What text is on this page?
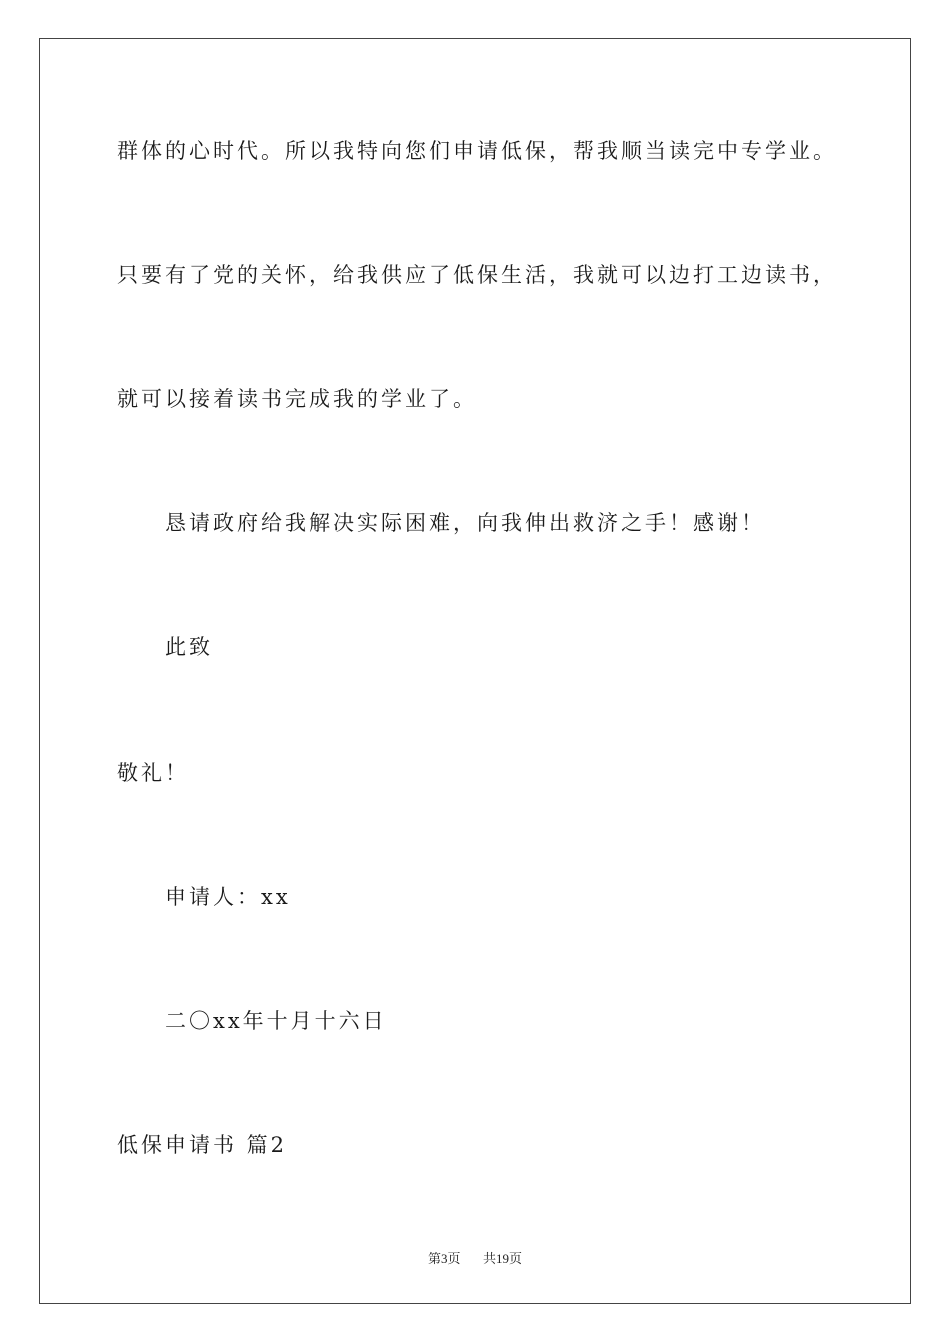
群体的心时代。所以我特向您们申请低保，帮我顺当读完中专学业。
只要有了党的关怀，给我供应了低保生活，我就可以边打工边读书，
就可以接着读书完成我的学业了。
恳请政府给我解决实际困难，向我伸出救济之手！感谢！
此致
敬礼！
申请人：xx
二〇xx年十月十六日
低保申请书 篇2
第3页 共19页
